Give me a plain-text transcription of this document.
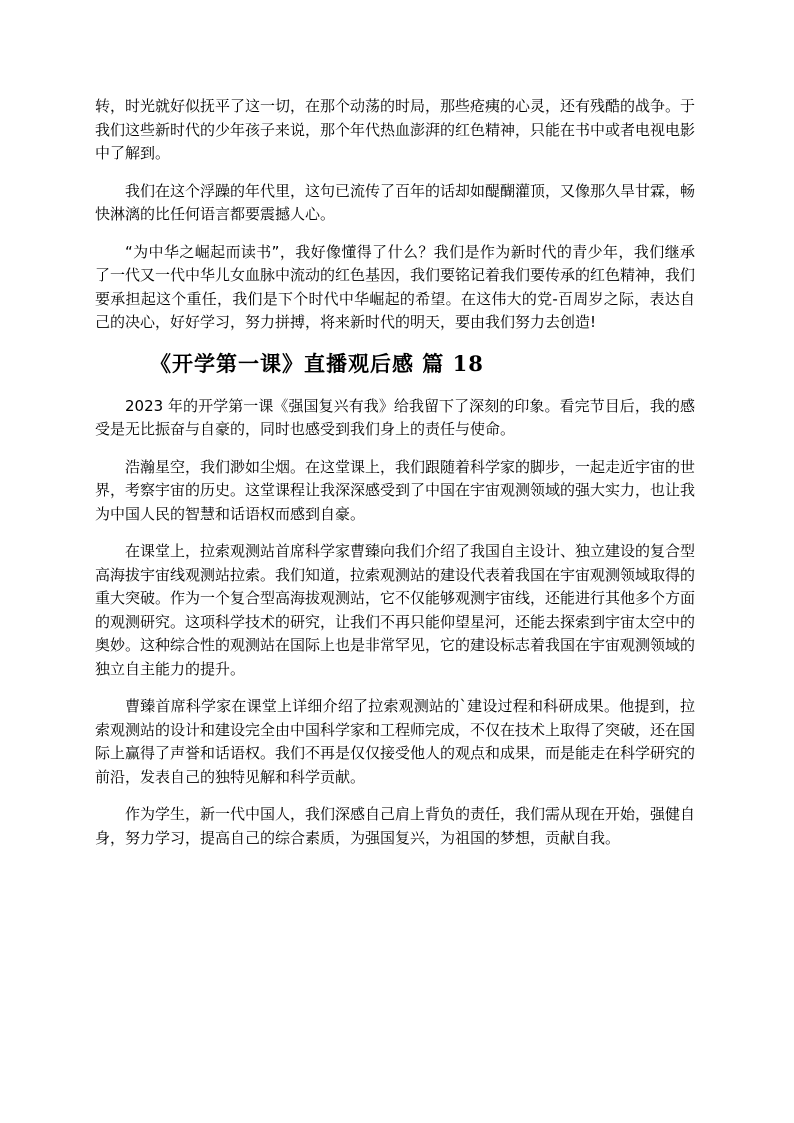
转，时光就好似抚平了这一切，在那个动荡的时局，那些疮痍的心灵，还有残酷的战争。于我们这些新时代的少年孩子来说，那个年代热血澎湃的红色精神，只能在书中或者电视电影中了解到。

我们在这个浮躁的年代里，这句已流传了百年的话却如醍醐灌顶，又像那久旱甘霖，畅快淋漓的比任何语言都要震撼人心。

“为中华之崛起而读书”，我好像懂得了什么？我们是作为新时代的青少年，我们继承了一代又一代中华儿女血脉中流动的红色基因，我们要铭记着我们要传承的红色精神，我们要承担起这个重任，我们是下个时代中华崛起的希望。在这伟大的党-百周岁之际，表达自己的决心，好好学习，努力拼搏，将来新时代的明天，要由我们努力去创造!

《开学第一课》直播观后感 篇 18

2023 年的开学第一课《强国复兴有我》给我留下了深刻的印象。看完节目后，我的感受是无比振奋与自豪的，同时也感受到我们身上的责任与使命。

浩瀚星空，我们渺如尘烟。在这堂课上，我们跟随着科学家的脚步，一起走近宇宙的世界，考察宇宙的历史。这堂课程让我深深感受到了中国在宇宙观测领域的强大实力，也让我为中国人民的智慧和话语权而感到自豪。

在课堂上，拉索观测站首席科学家曹臻向我们介绍了我国自主设计、独立建设的复合型高海拔宇宙线观测站拉索。我们知道，拉索观测站的建设代表着我国在宇宙观测领域取得的重大突破。作为一个复合型高海拔观测站，它不仅能够观测宇宙线，还能进行其他多个方面的观测研究。这项科学技术的研究，让我们不再只能仰望星河，还能去探索到宇宙太空中的奥妙。这种综合性的观测站在国际上也是非常罕见，它的建设标志着我国在宇宙观测领域的独立自主能力的提升。

曹臻首席科学家在课堂上详细介绍了拉索观测站的`建设过程和科研成果。他提到，拉索观测站的设计和建设完全由中国科学家和工程师完成，不仅在技术上取得了突破，还在国际上赢得了声誉和话语权。我们不再是仅仅接受他人的观点和成果，而是能走在科学研究的前沿，发表自己的独特见解和科学贡献。

作为学生，新一代中国人，我们深感自己肩上背负的责任，我们需从现在开始，强健自身，努力学习，提高自己的综合素质，为强国复兴，为祖国的梦想，贡献自我。
